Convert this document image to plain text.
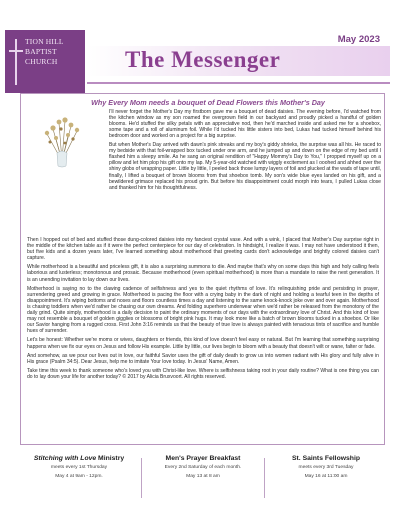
TION HILL BAPTIST CHURCH
May 2023
The Messenger
Why Every Mom needs a bouquet of Dead Flowers this Mother's Day

I'll never forget the Mother's Day my firstborn gave me a bouquet of dead daisies. The evening before, I'd watched from the kitchen window as my son roamed the overgrown field in our backyard and proudly picked a handful of golden blooms. He'd stuffed the silky petals with an appreciative nod, then he'd marched inside and asked me for a shoebox, some tape and a roll of aluminum foil. While I'd tucked his little sisters into bed, Lukas had tucked himself behind his bedroom door and worked on a project for a big surprise.

But when Mother's Day arrived with dawn's pink streaks and my boy's giddy shrieks, the surprise was all his. He raced to my bedside with that foil-wrapped box tucked under one arm, and he jumped up and down on the edge of my bed until I flashed him a sleepy smile. As he sang an original rendition of "Happy Mommy's Day to You," I propped myself up on a pillow and let him plop his gift onto my lap. My 5-year-old watched with wiggly excitement as I ooohed and ahhed over the shiny globs of wrapping paper. Little by little, I peeled back those lumpy layers of foil and plucked at the wads of tape until, finally, I lifted a bouquet of brown blooms from that shoebox tomb. My son's wide blue eyes landed on his gift, and a bewildered grimace replaced his proud grin. But before his disappointment could morph into tears, I pulled Lukas close and thanked him for his thoughtfulness.

Then I hopped out of bed and stuffed those dung-colored daisies into my fanciest crystal vase. And with a wink, I placed that Mother's Day surprise right in the middle of the kitchen table as if it were the perfect centerpiece for our day of celebration. In hindsight, I realize it was. I may not have understood it then, but five kids and a dozen years later, I've learned something about motherhood that greeting cards don't acknowledge and brightly colored daisies can't capture.

While motherhood is a beautiful and priceless gift, it is also a surprising summons to die. And maybe that's why on some days this high and holy calling feels laborious and lusterless; monotonous and prosaic. Because motherhood (even spiritual motherhood) is more than a mandate to raise the next generation. It is an unending invitation to lay down our lives.

Motherhood is saying no to the clawing cadence of selfishness and yes to the quiet rhythms of love. It's relinquishing pride and persisting in prayer, surrendering greed and growing in grace. Motherhood is pacing the floor with a crying baby in the dark of night and holding a tearful teen in the depths of disappointment. It's wiping bottoms and noses and floors countless times a day and listening to the same knock-knock joke over and over again. Motherhood is chasing toddlers when we'd rather be chasing our own dreams. And folding superhero underwear when we'd rather be released from the monotony of the daily grind. Quite simply, motherhood is a daily decision to paint the ordinary moments of our days with the extraordinary love of Christ. And this kind of love may not resemble a bouquet of golden gigglies or blossoms of bright pink hugs. It may look more like a batch of brown blooms tucked in a shoebox. Or like our Savior hanging from a rugged cross. First John 3:16 reminds us that the beauty of true love is always painted with tenacious tints of sacrifice and humble hues of surrender.

Let's be honest: Whether we're moms or wives, daughters or friends, this kind of love doesn't feel easy or natural. But I'm learning that something surprising happens when we fix our eyes on Jesus and follow His example. Little by little, our lives begin to bloom with a beauty that doesn't wilt or wane, falter or fade.

And somehow, as we pour our lives out in love, our faithful Savior uses the gift of daily death to grow us into women radiant with His glory and fully alive in His grace (Psalm 34:5). Dear Jesus, help me to imitate Your love today. In Jesus' Name, Amen.

Take time this week to thank someone who's loved you with Christ-like love. Where is selfishness taking root in your daily routine? What is one thing you can do to lay down your life for another today? © 2017 by Alicia Bruxvoort. All rights reserved.

Stitching with Love Ministry
meets every 1st Thursday
May 4 at 9am - 12pm.
Men's Prayer Breakfast
Every 2nd Saturday of each month.
May 13 at 8 am
St. Saints Fellowship
meets every 3rd Tuesday
May 16 at 11:00 am
